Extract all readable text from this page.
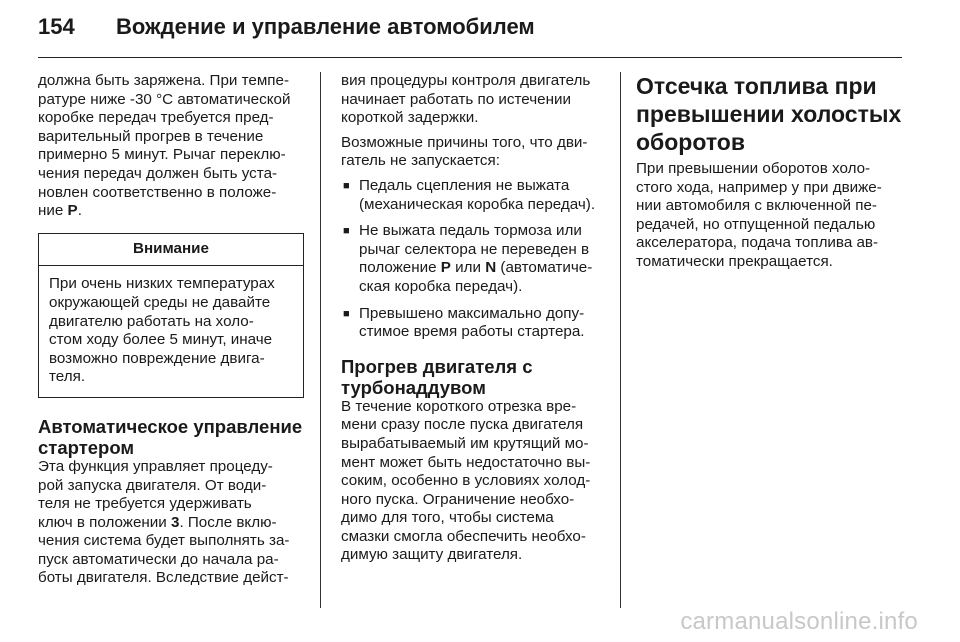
154	Вождение и управление автомобилем

должна быть заряжена. При темпе-
ратуре ниже -30 °С автоматической
коробке передач требуется пред-
варительный прогрев в течение
примерно 5 минут. Рычаг переклю-
чения передач должен быть уста-
новлен соответственно в положе-
ние P.

Внимание
При очень низких температурах
окружающей среды не давайте
двигателю работать на холо-
стом ходу более 5 минут, иначе
возможно повреждение двига-
теля.
Автоматическое управление
стартером

Эта функция управляет процеду-
рой запуска двигателя. От води-
теля не требуется удерживать
ключ в положении 3. После вклю-
чения система будет выполнять за-
пуск автоматически до начала ра-
боты двигателя. Вследствие дейст-

вия процедуры контроля двигатель
начинает работать по истечении
короткой задержки.

Возможные причины того, что дви-
гатель не запускается:

■ Педаль сцепления не выжата
(механическая коробка передач).
■ Не выжата педаль тормоза или
рычаг селектора не переведен в
положение P или N (автоматиче-
ская коробка передач).
■ Превышено максимально допу-
стимое время работы стартера.
Прогрев двигателя с
турбонаддувом

В течение короткого отрезка вре-
мени сразу после пуска двигателя
вырабатываемый им крутящий мо-
мент может быть недостаточно вы-
соким, особенно в условиях холод-
ного пуска. Ограничение необхо-
димо для того, чтобы система
смазки смогла обеспечить необхо-
димую защиту двигателя.

Отсечка топлива при
превышении холостых
оборотов

При превышении оборотов холо-
стого хода, например у при движе-
нии автомобиля с включенной пе-
редачей, но отпущенной педалью
акселератора, подача топлива ав-
томатически прекращается.

carmanualsonline.info
